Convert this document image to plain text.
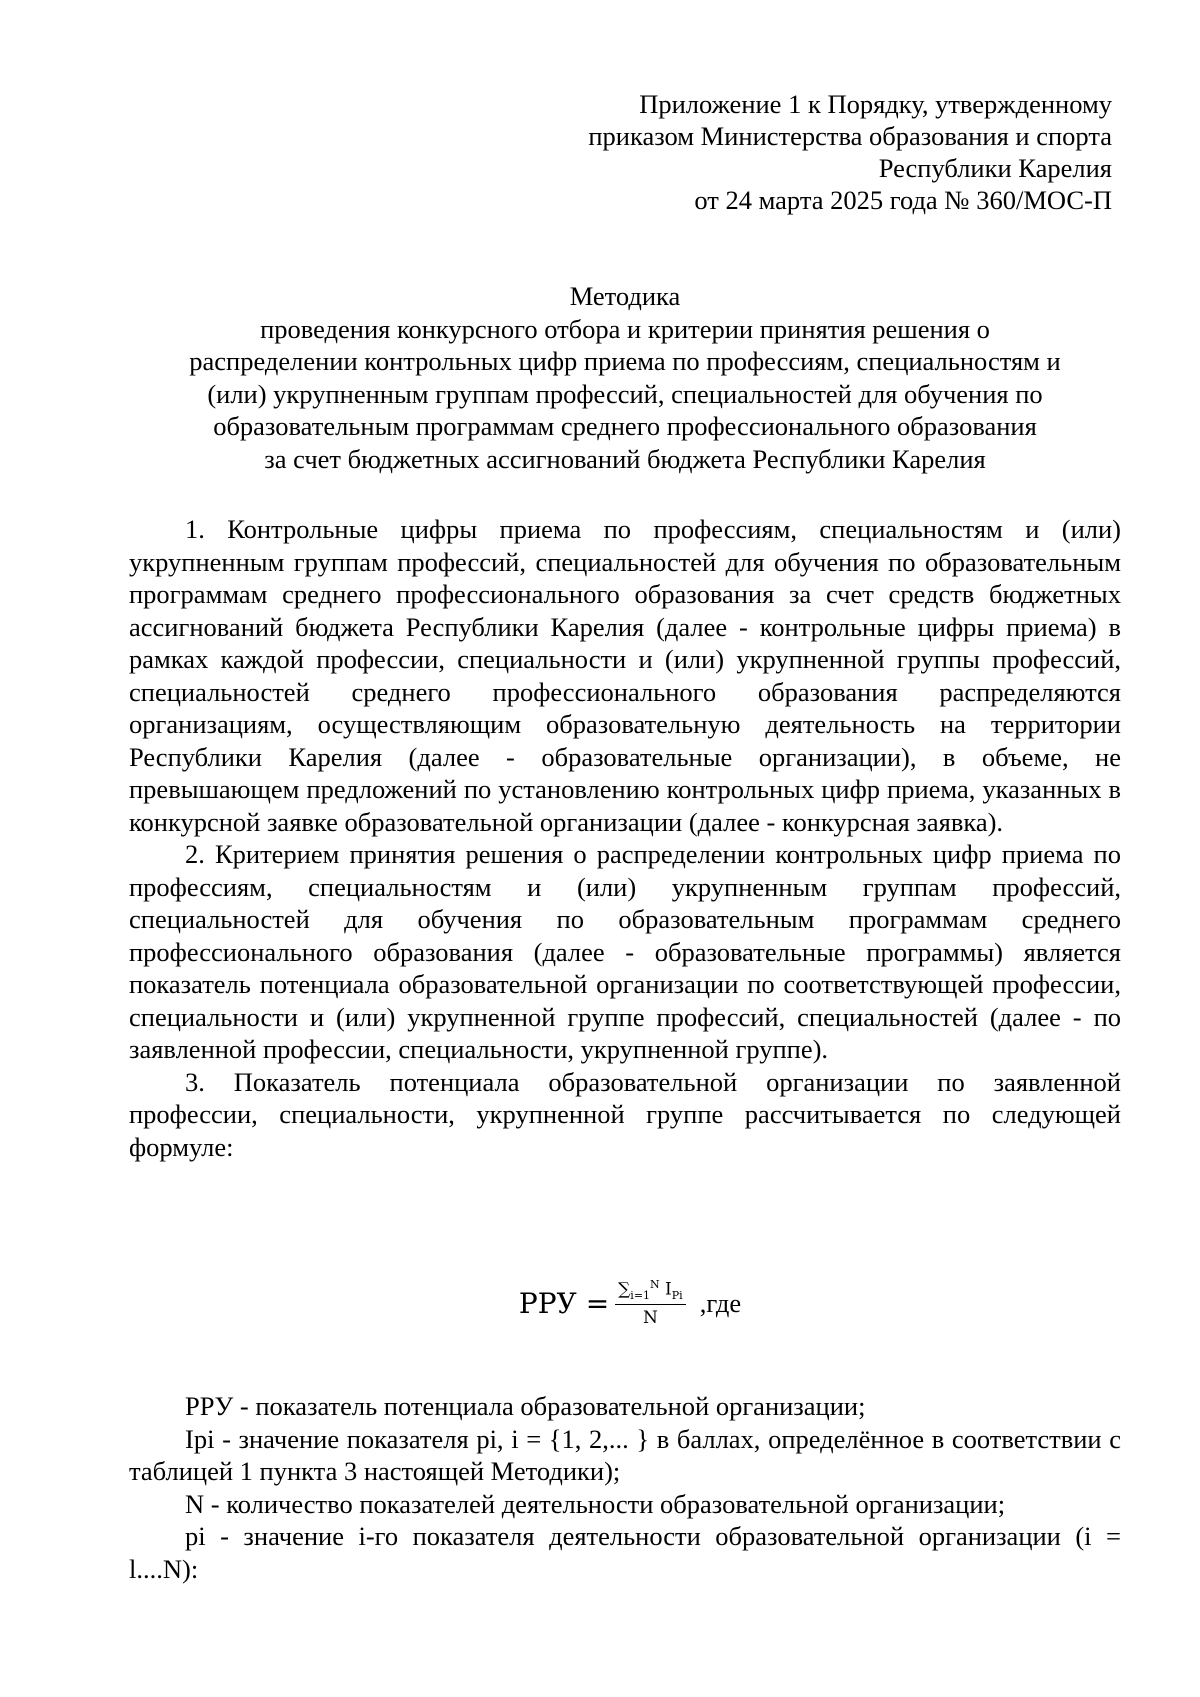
Приложение 1 к Порядку, утвержденному
приказом Министерства образования и спорта
Республики Карелия
от 24 марта 2025 года № 360/МОС-П
Методика
проведения конкурсного отбора и критерии принятия решения о
распределении контрольных цифр приема по профессиям, специальностям и
(или) укрупненным группам профессий, специальностей для обучения по
образовательным программам среднего профессионального образования
за счет бюджетных ассигнований бюджета Республики Карелия

1. Контрольные цифры приема по профессиям, специальностям и (или) укрупненным группам профессий, специальностей для обучения по образовательным программам среднего профессионального образования за счет средств бюджетных ассигнований бюджета Республики Карелия (далее - контрольные цифры приема) в рамках каждой профессии, специальности и (или) укрупненной группы профессий, специальностей среднего профессионального образования распределяются организациям, осуществляющим образовательную деятельность на территории Республики Карелия (далее - образовательные организации), в объеме, не превышающем предложений по установлению контрольных цифр приема, указанных в конкурсной заявке образовательной организации (далее - конкурсная заявка).

2. Критерием принятия решения о распределении контрольных цифр приема по профессиям, специальностям и (или) укрупненным группам профессий, специальностей для обучения по образовательным программам среднего профессионального образования (далее - образовательные программы) является показатель потенциала образовательной организации по соответствующей профессии, специальности и (или) укрупненной группе профессий, специальностей (далее - по заявленной профессии, специальности, укрупненной группе).

3. Показатель потенциала образовательной организации по заявленной профессии, специальности, укрупненной группе рассчитывается по следующей формуле:

PPУ = $\frac{\sum_{i=1}^N I_{Pi}}{N} ,где$

PPУ - показатель потенциала образовательной организации;

Ipi - значение показателя pi, i = {1, 2,... } в баллах, определённое в соответствии с таблицей 1 пункта 3 настоящей Методики);

N - количество показателей деятельности образовательной организации;

pi - значение i-го показателя деятельности образовательной организации (i = l....N):
